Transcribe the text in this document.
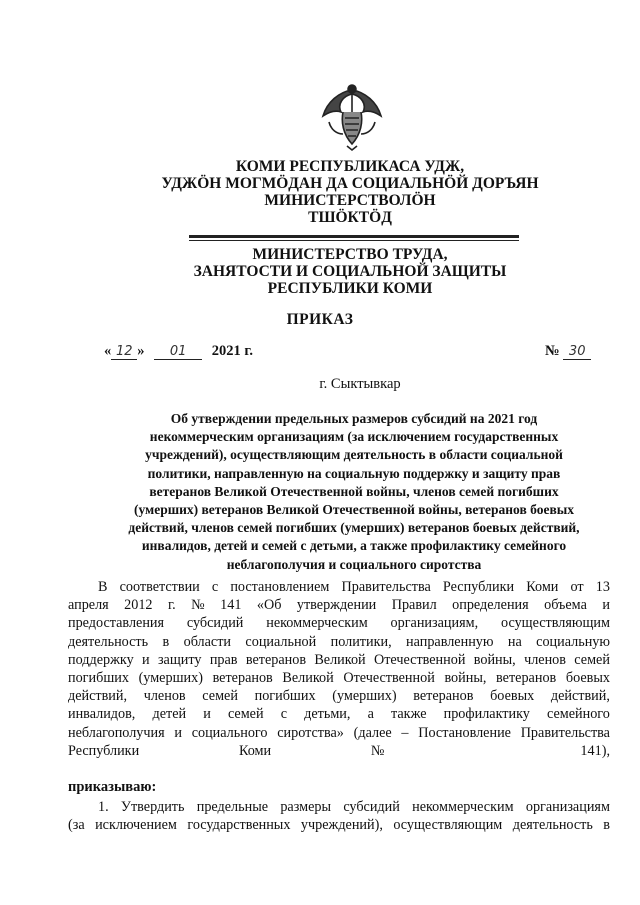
КОМИ РЕСПУБЛИКАСА УДЖ,
УДЖӦН МОГМӦДАН ДА СОЦИАЛЬНӦЙ ДОРЪЯН
МИНИСТЕРСТВОЛӦН
ТШӦКТӦД
МИНИСТЕРСТВО ТРУДА,
ЗАНЯТОСТИ И СОЦИАЛЬНОЙ ЗАЩИТЫ
РЕСПУБЛИКИ КОМИ
ПРИКАЗ
« 12 » 01 2021 г.	№ 30
г. Сыктывкар
Об утверждении предельных размеров субсидий на 2021 год
некоммерческим организациям (за исключением государственных
учреждений), осуществляющим деятельность в области социальной
политики, направленную на социальную поддержку и защиту прав
ветеранов Великой Отечественной войны, членов семей погибших
(умерших) ветеранов Великой Отечественной войны, ветеранов боевых
действий, членов семей погибших (умерших) ветеранов боевых действий,
инвалидов, детей и семей с детьми, а также профилактику семейного
неблагополучия и социального сиротства
В соответствии с постановлением Правительства Республики Коми от 13
апреля 2012 г. № 141 «Об утверждении Правил определения объема и
предоставления субсидий некоммерческим организациям, осуществляющим
деятельность в области социальной политики, направленную на социальную
поддержку и защиту прав ветеранов Великой Отечественной войны, членов семей
погибших (умерших) ветеранов Великой Отечественной войны, ветеранов боевых
действий, членов семей погибших (умерших) ветеранов боевых действий,
инвалидов, детей и семей с детьми, а также профилактику семейного
неблагополучия и социального сиротства» (далее – Постановление Правительства
Республики Коми № 141),
приказываю:
1. Утвердить предельные размеры субсидий некоммерческим организациям
(за исключением государственных учреждений), осуществляющим деятельность в
